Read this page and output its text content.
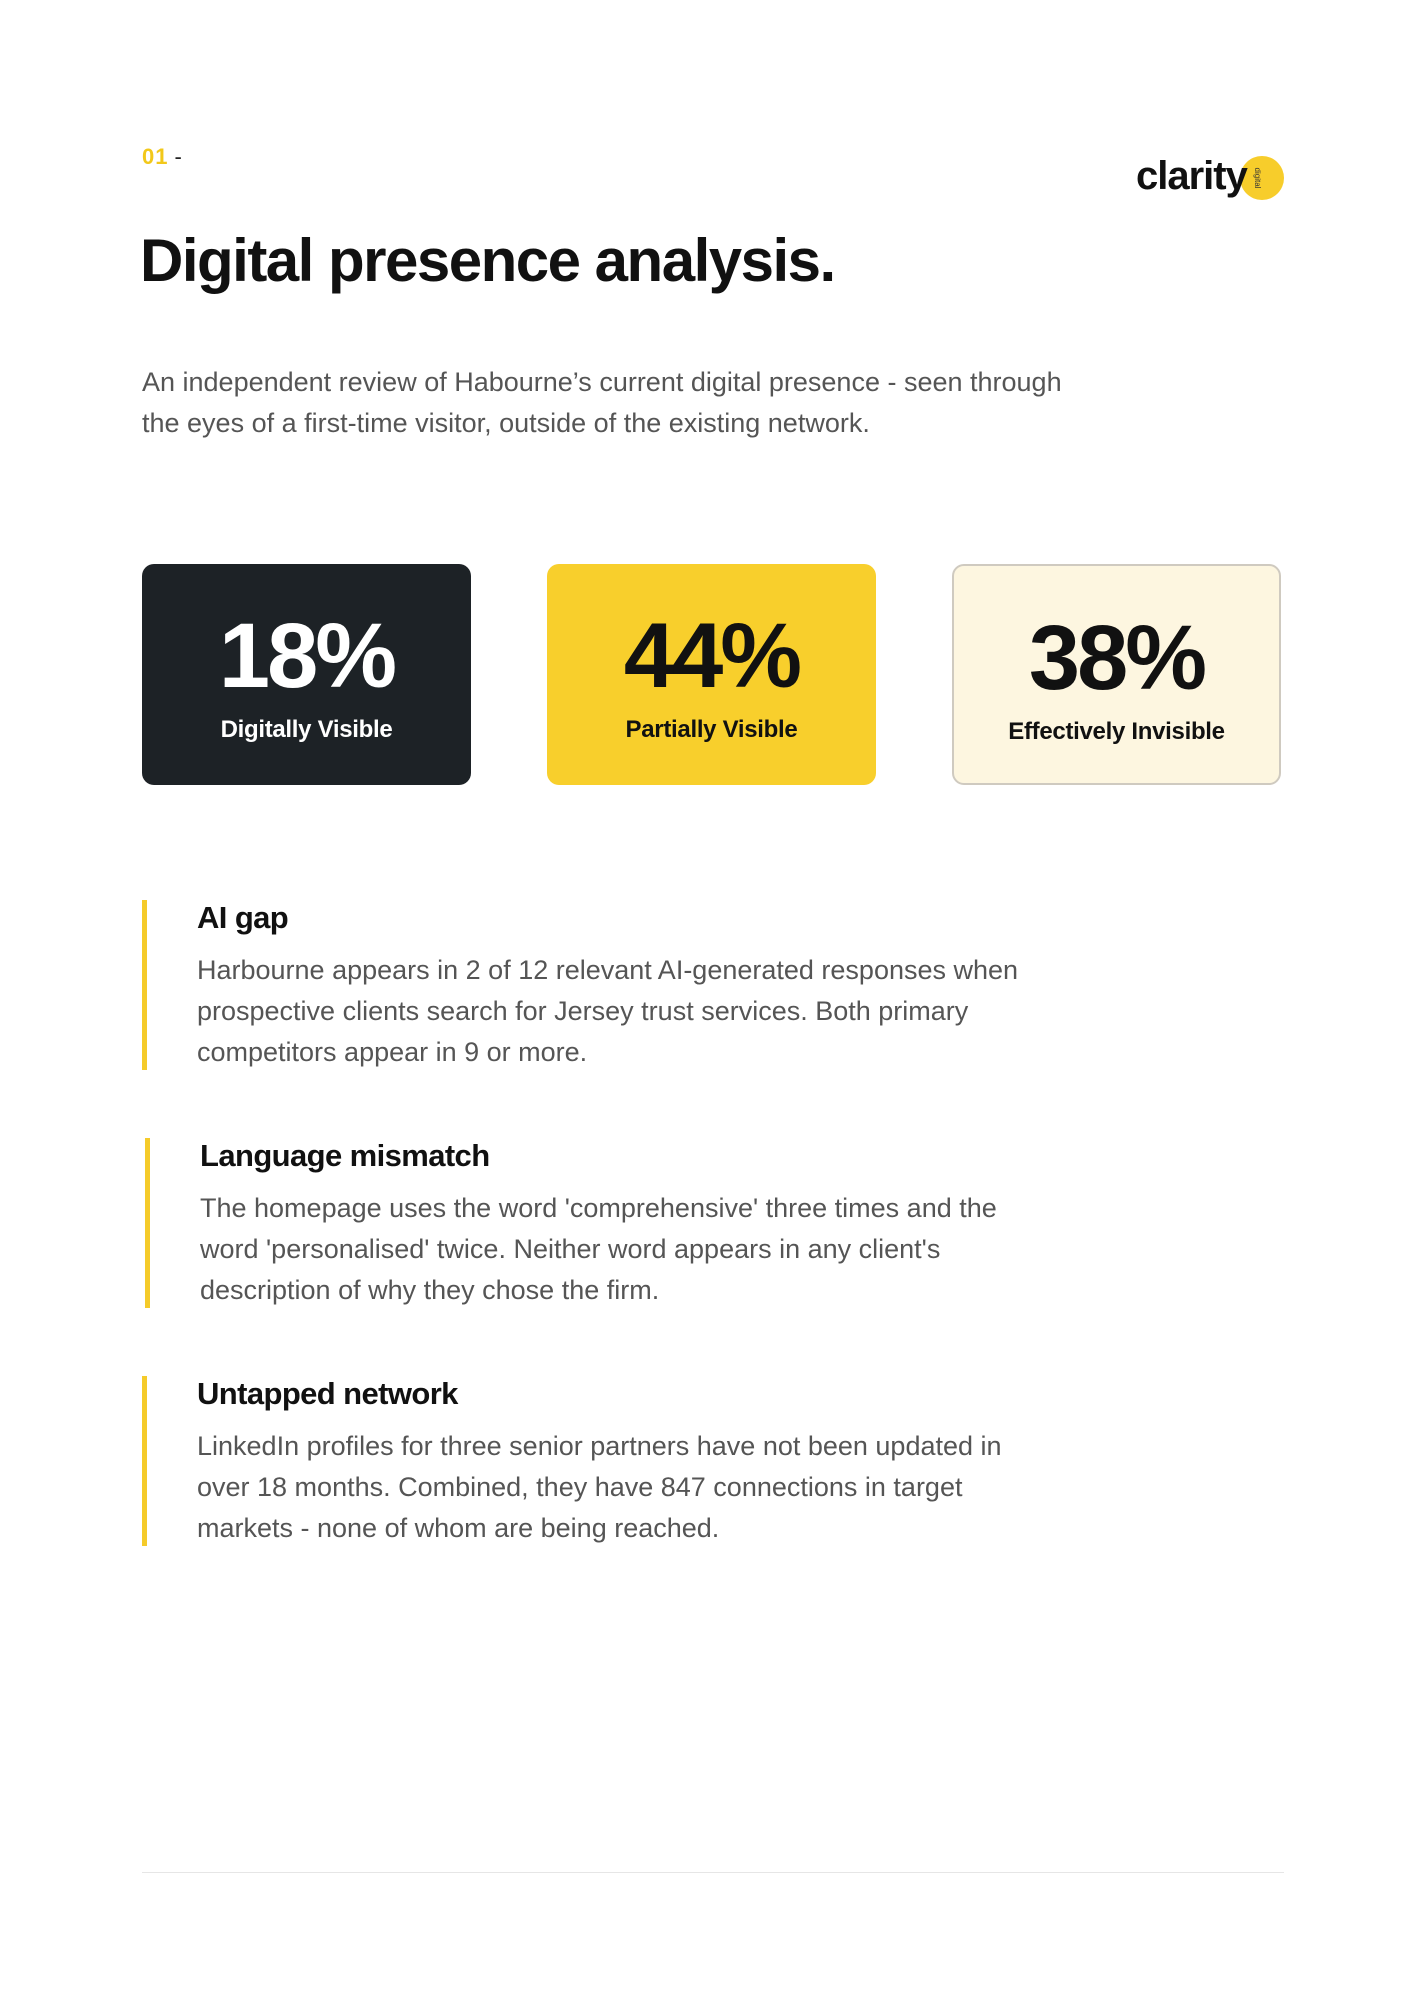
01 -	clarity digital
Digital presence analysis.

An independent review of Habourne’s current digital presence - seen through the eyes of a first-time visitor, outside of the existing network.

18%
Digitally Visible
44%
Partially Visible
38%
Effectively Invisible
AI gap
Harbourne appears in 2 of 12 relevant AI-generated responses when prospective clients search for Jersey trust services. Both primary competitors appear in 9 or more.
Language mismatch
The homepage uses the word 'comprehensive' three times and the word 'personalised' twice. Neither word appears in any client's description of why they chose the firm.
Untapped network
LinkedIn profiles for three senior partners have not been updated in over 18 months. Combined, they have 847 connections in target markets - none of whom are being reached.
